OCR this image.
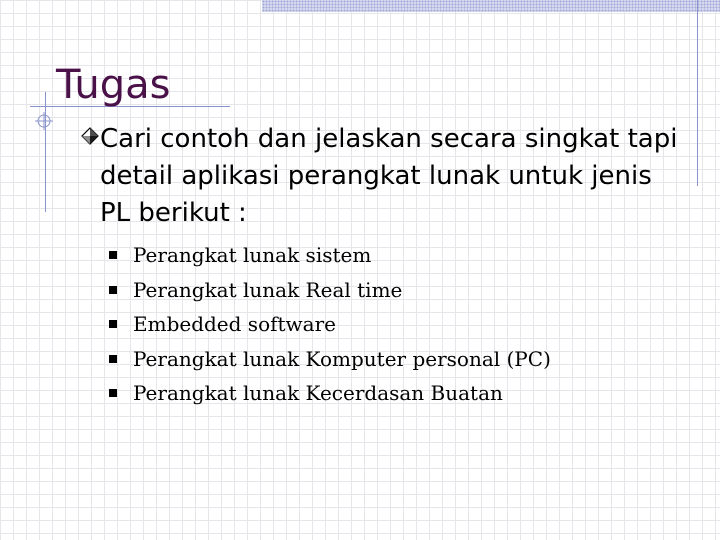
Tugas
Cari contoh dan jelaskan secara singkat tapi detail aplikasi perangkat lunak untuk jenis PL berikut :
Perangkat lunak sistem
Perangkat lunak Real time
Embedded software
Perangkat lunak Komputer personal (PC)
Perangkat lunak Kecerdasan Buatan
